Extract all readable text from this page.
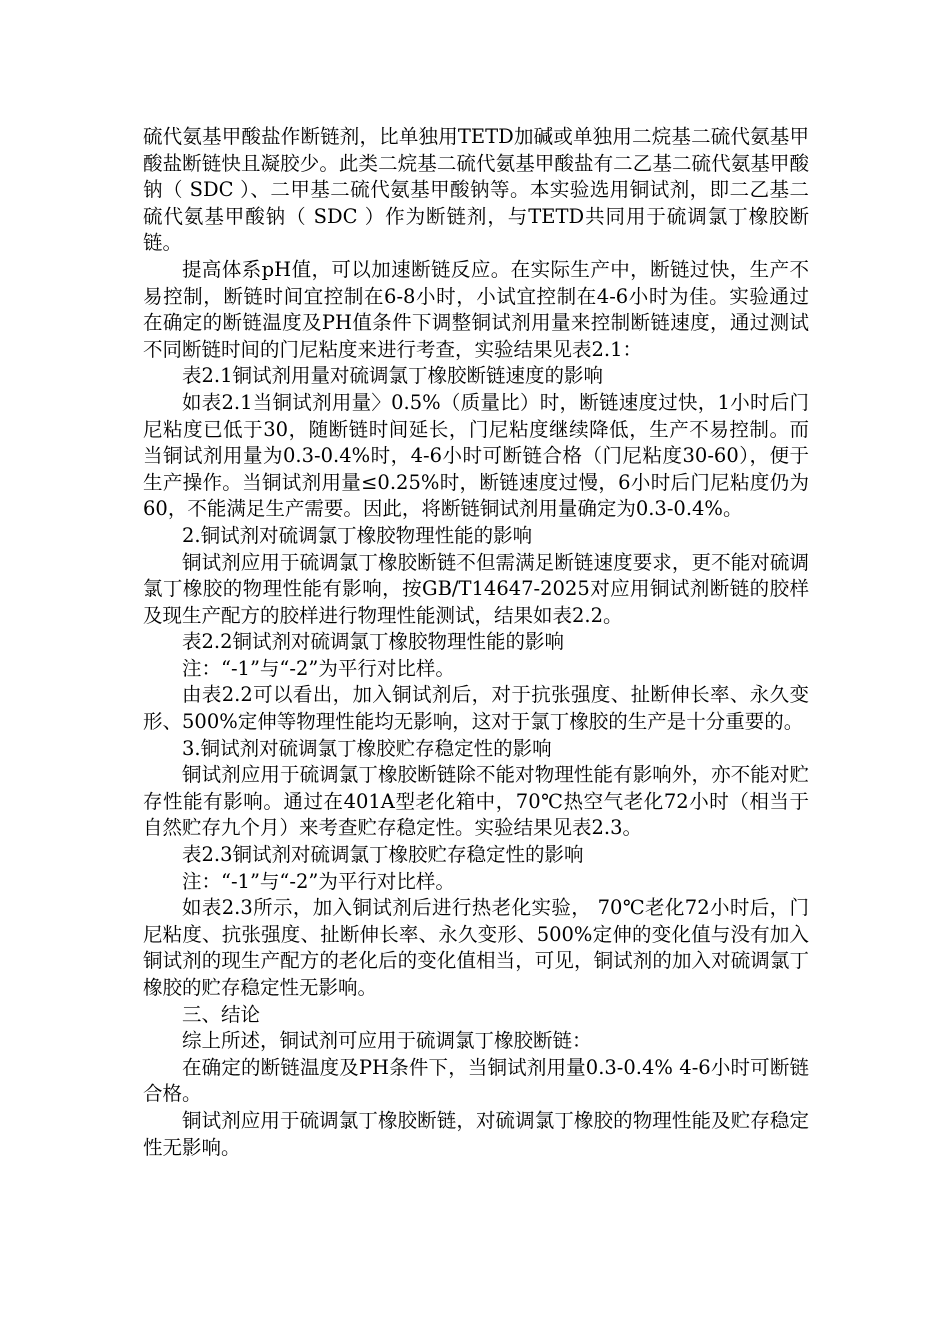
硫代氨基甲酸盐作断链剂，比单独用TETD加碱或单独用二烷基二硫代氨基甲酸盐断链快且凝胶少。此类二烷基二硫代氨基甲酸盐有二乙基二硫代氨基甲酸钠（ SDC ）、二甲基二硫代氨基甲酸钠等。本实验选用铜试剂，即二乙基二硫代氨基甲酸钠（ SDC ）作为断链剂，与TETD共同用于硫调氯丁橡胶断链。

提高体系pH值，可以加速断链反应。在实际生产中，断链过快，生产不易控制，断链时间宜控制在6-8小时，小试宜控制在4-6小时为佳。实验通过在确定的断链温度及PH值条件下调整铜试剂用量来控制断链速度，通过测试不同断链时间的门尼粘度来进行考查，实验结果见表2.1：

表2.1铜试剂用量对硫调氯丁橡胶断链速度的影响

如表2.1当铜试剂用量〉0.5%（质量比）时，断链速度过快，1小时后门尼粘度已低于30，随断链时间延长，门尼粘度继续降低，生产不易控制。而当铜试剂用量为0.3-0.4%时，4-6小时可断链合格（门尼粘度30-60），便于生产操作。当铜试剂用量≤0.25%时，断链速度过慢，6小时后门尼粘度仍为60，不能满足生产需要。因此，将断链铜试剂用量确定为0.3-0.4%。

2.铜试剂对硫调氯丁橡胶物理性能的影响

铜试剂应用于硫调氯丁橡胶断链不但需满足断链速度要求，更不能对硫调氯丁橡胶的物理性能有影响，按GB/T14647-2025对应用铜试剂断链的胶样及现生产配方的胶样进行物理性能测试，结果如表2.2。

表2.2铜试剂对硫调氯丁橡胶物理性能的影响

注：“-1”与“-2”为平行对比样。

由表2.2可以看出，加入铜试剂后，对于抗张强度、扯断伸长率、永久变形、500%定伸等物理性能均无影响，这对于氯丁橡胶的生产是十分重要的。

3.铜试剂对硫调氯丁橡胶贮存稳定性的影响

铜试剂应用于硫调氯丁橡胶断链除不能对物理性能有影响外，亦不能对贮存性能有影响。通过在401A型老化箱中，70℃热空气老化72小时（相当于自然贮存九个月）来考查贮存稳定性。实验结果见表2.3。

表2.3铜试剂对硫调氯丁橡胶贮存稳定性的影响

注：“-1”与“-2”为平行对比样。

如表2.3所示，加入铜试剂后进行热老化实验， 70℃老化72小时后，门尼粘度、抗张强度、扯断伸长率、永久变形、500%定伸的变化值与没有加入铜试剂的现生产配方的老化后的变化值相当，可见，铜试剂的加入对硫调氯丁橡胶的贮存稳定性无影响。

三、结论

综上所述，铜试剂可应用于硫调氯丁橡胶断链：

在确定的断链温度及PH条件下，当铜试剂用量0.3-0.4% 4-6小时可断链合格。

铜试剂应用于硫调氯丁橡胶断链，对硫调氯丁橡胶的物理性能及贮存稳定性无影响。
